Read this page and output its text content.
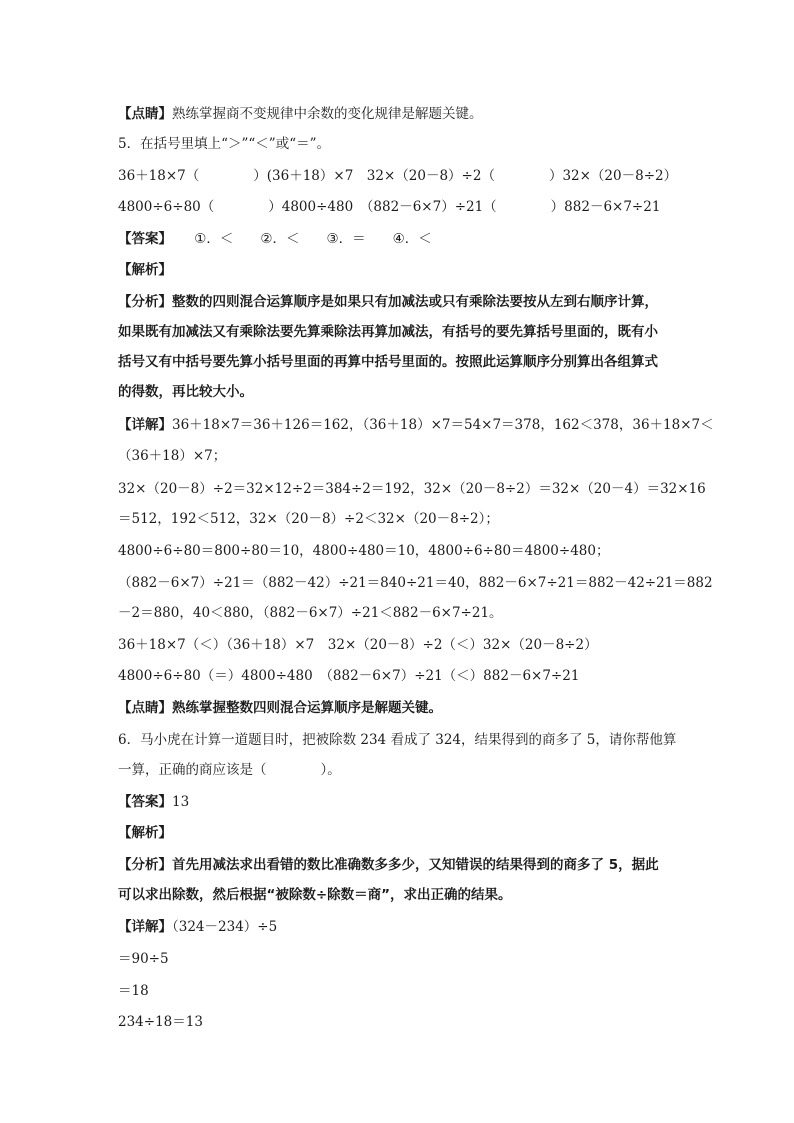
【点睛】熟练掌握商不变规律中余数的变化规律是解题关键。
5．在括号里填上“＞”“＜”或“＝”。
36＋18×7（　　　　）(36＋18）×7　32×（20－8）÷2（　　　　）32×（20－8÷2）
4800÷6÷80（　　　　）4800÷480　（882－6×7）÷21（　　　　）882－6×7÷21
【答案】 ①．＜　　②．＜　　③．＝　　④．＜
【解析】
【分析】整数的四则混合运算顺序是如果只有加减法或只有乘除法要按从左到右顺序计算，
如果既有加减法又有乘除法要先算乘除法再算加减法，有括号的要先算括号里面的，既有小
括号又有中括号要先算小括号里面的再算中括号里面的。按照此运算顺序分别算出各组算式
的得数，再比较大小。
【详解】36＋18×7＝36＋126＝162，（36＋18）×7＝54×7＝378，162＜378，36＋18×7＜
（36＋18）×7；
32×（20－8）÷2＝32×12÷2＝384÷2＝192，32×（20－8÷2）＝32×（20－4）＝32×16
＝512，192＜512，32×（20－8）÷2＜32×（20－8÷2）；
4800÷6÷80＝800÷80＝10，4800÷480＝10，4800÷6÷80＝4800÷480；
（882－6×7）÷21＝（882－42）÷21＝840÷21＝40，882－6×7÷21＝882－42÷21＝882
－2＝880，40＜880，（882－6×7）÷21＜882－6×7÷21。
36＋18×7（＜）（36＋18）×7　32×（20－8）÷2（＜）32×（20－8÷2）
4800÷6÷80（＝）4800÷480　（882－6×7）÷21（＜）882－6×7÷21
【点睛】熟练掌握整数四则混合运算顺序是解题关键。
6．马小虎在计算一道题目时，把被除数 234 看成了 324，结果得到的商多了 5，请你帮他算
一算，正确的商应该是（　　　　）。
【答案】13
【解析】
【分析】首先用减法求出看错的数比准确数多多少，又知错误的结果得到的商多了 5，据此
可以求出除数，然后根据“被除数÷除数＝商”，求出正确的结果。
【详解】（324－234）÷5
＝90÷5
＝18
234÷18＝13
